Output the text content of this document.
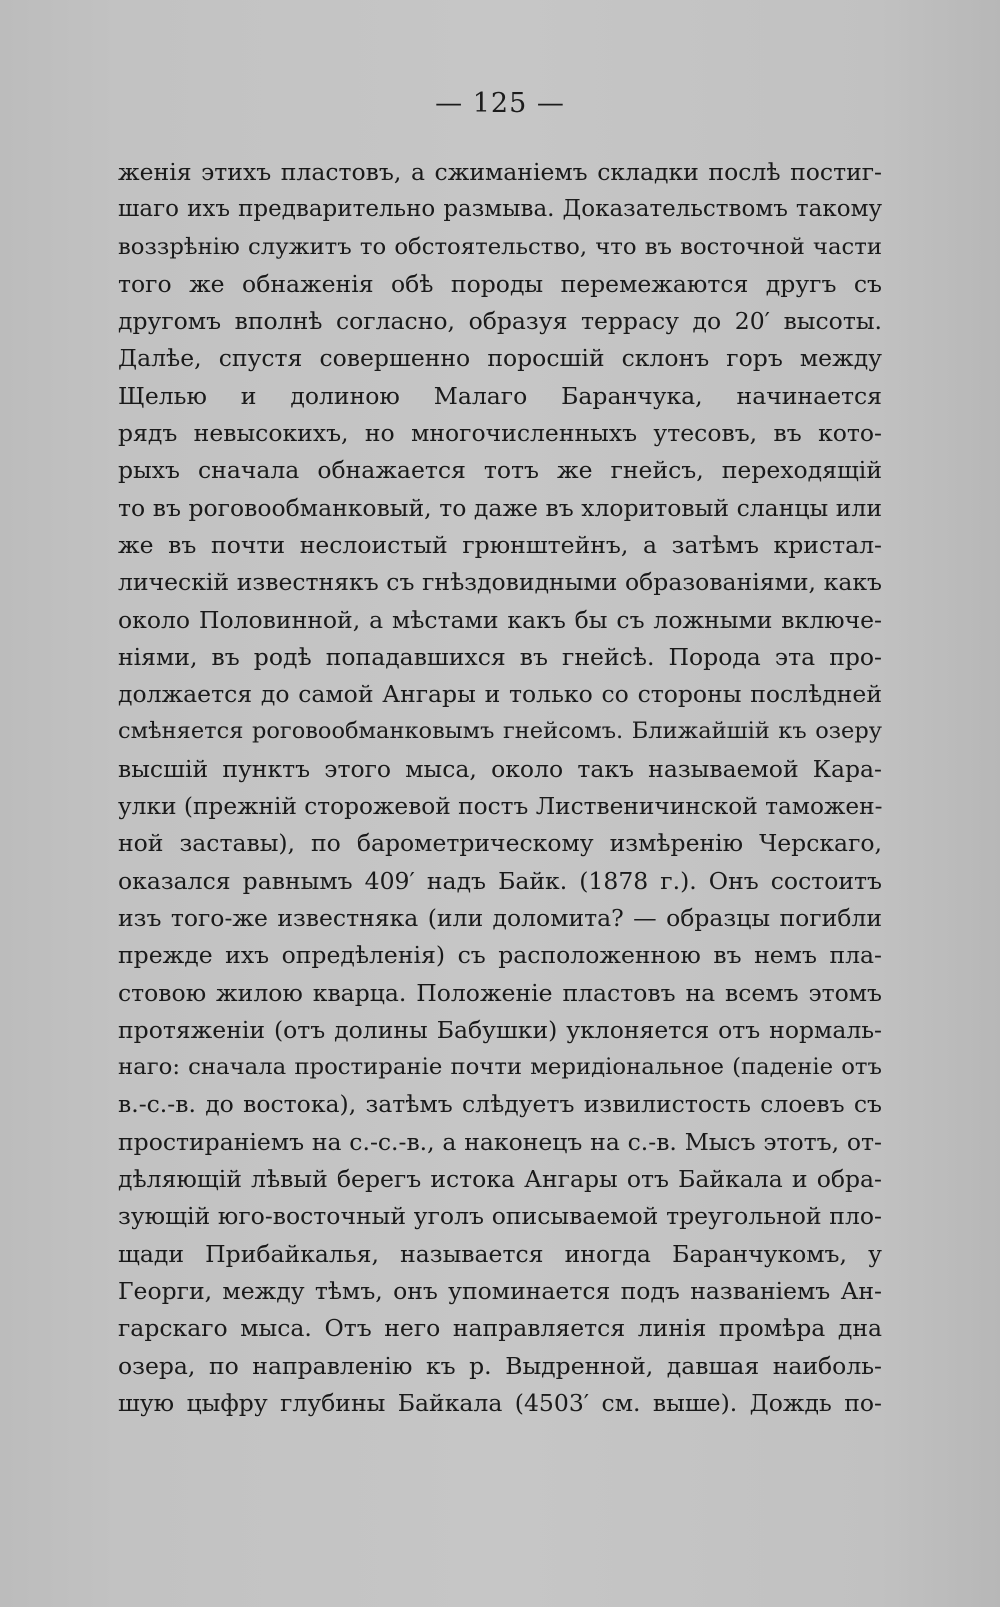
— 125 —
женія этихъ пластовъ, а сжиманіемъ складки послѣ постиг-
шаго ихъ предварительно размыва. Доказательствомъ такому
воззрѣнію служитъ то обстоятельство, что въ восточной части
того же обнаженія обѣ породы перемежаются другъ съ
другомъ вполнѣ согласно, образуя террасу до 20′ высоты.
Далѣе, спустя совершенно поросшій склонъ горъ между
Щелью и долиною Малаго Баранчука, начинается
рядъ невысокихъ, но многочисленныхъ утесовъ, въ кото-
рыхъ сначала обнажается тотъ же гнейсъ, переходящій
то въ роговообманковый, то даже въ хлоритовый сланцы или
же въ почти неслоистый грюнштейнъ, а затѣмъ кристал-
лическій известнякъ съ гнѣздовидными образованіями, какъ
около Половинной, а мѣстами какъ бы съ ложными включе-
ніями, въ родѣ попадавшихся въ гнейсѣ. Порода эта про-
должается до самой Ангары и только со стороны послѣдней
смѣняется роговообманковымъ гнейсомъ. Ближайшій къ озеру
высшій пунктъ этого мыса, около такъ называемой Кара-
улки (прежній сторожевой постъ Лиственичинской таможен-
ной заставы), по барометрическому измѣренію Черскаго,
оказался равнымъ 409′ надъ Байк. (1878 г.). Онъ состоитъ
изъ того-же известняка (или доломита? — образцы погибли
прежде ихъ опредѣленія) съ расположенною въ немъ пла-
стовою жилою кварца. Положеніе пластовъ на всемъ этомъ
протяженіи (отъ долины Бабушки) уклоняется отъ нормаль-
наго: сначала простираніе почти меридіональное (паденіе отъ
в.-с.-в. до востока), затѣмъ слѣдуетъ извилистость слоевъ съ
простираніемъ на с.-с.-в., а наконецъ на с.-в. Мысъ этотъ, от-
дѣляющій лѣвый берегъ истока Ангары отъ Байкала и обра-
зующій юго-восточный уголъ описываемой треугольной пло-
щади Прибайкалья, называется иногда Баранчукомъ, у
Георги, между тѣмъ, онъ упоминается подъ названіемъ Ан-
гарскаго мыса. Отъ него направляется линія промѣра дна
озера, по направленію къ р. Выдренной, давшая наиболь-
шую цыфру глубины Байкала (4503′ см. выше). Дождь по-
